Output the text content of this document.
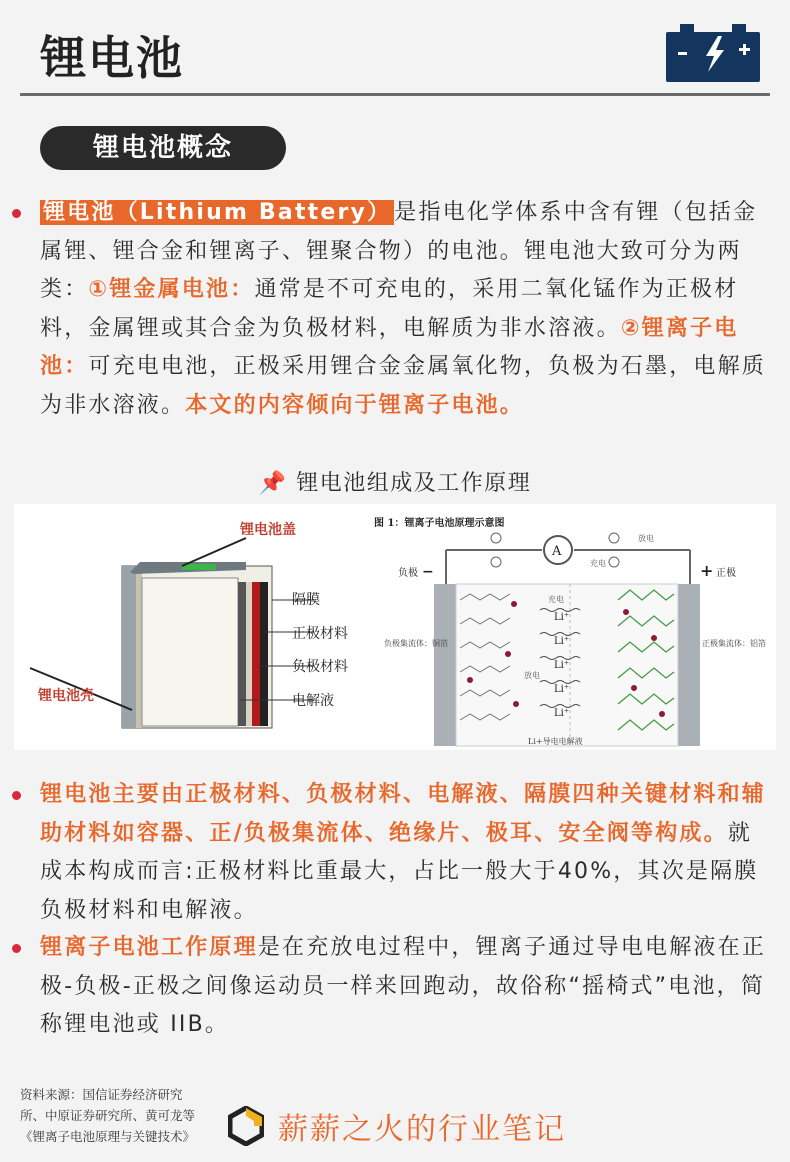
锂电池
锂电池概念
锂电池（Lithium Battery） 是指电化学体系中含有锂（包括金属锂、锂合金和锂离子、锂聚合物）的电池。锂电池大致可分为两类：①锂金属电池：通常是不可充电的，采用二氧化锰作为正极材料，金属锂或其合金为负极材料，电解质为非水溶液。②锂离子电池：可充电电池，正极采用锂合金金属氧化物，负极为石墨，电解质为非水溶液。本文的内容倾向于锂离子电池。
📌 锂电池组成及工作原理
锂电池盖
锂电池壳
隔膜
正极材料
负极材料
电解液
图 1：锂离子电池原理示意图
A
放电
充电
负极 −	+ 正极
充电
放电
Li⁺
Li⁺
Li⁺
Li⁺
Li⁺
负极集流体：铜箔	正极集流体：铝箔
Li+导电电解液
锂电池主要由正极材料、负极材料、电解液、隔膜四种关键材料和辅助材料如容器、正/负极集流体、绝缘片、极耳、安全阀等构成。就成本构成而言:正极材料比重最大，占比一般大于40%，其次是隔膜负极材料和电解液。
锂离子电池工作原理是在充放电过程中，锂离子通过导电电解液在正极-负极-正极之间像运动员一样来回跑动，故俗称“摇椅式”电池，简称锂电池或 IIB。
资料来源：国信证券经济研究
所、中原证券研究所、黄可龙等
《锂离子电池原理与关键技术》	薪薪之火的行业笔记
